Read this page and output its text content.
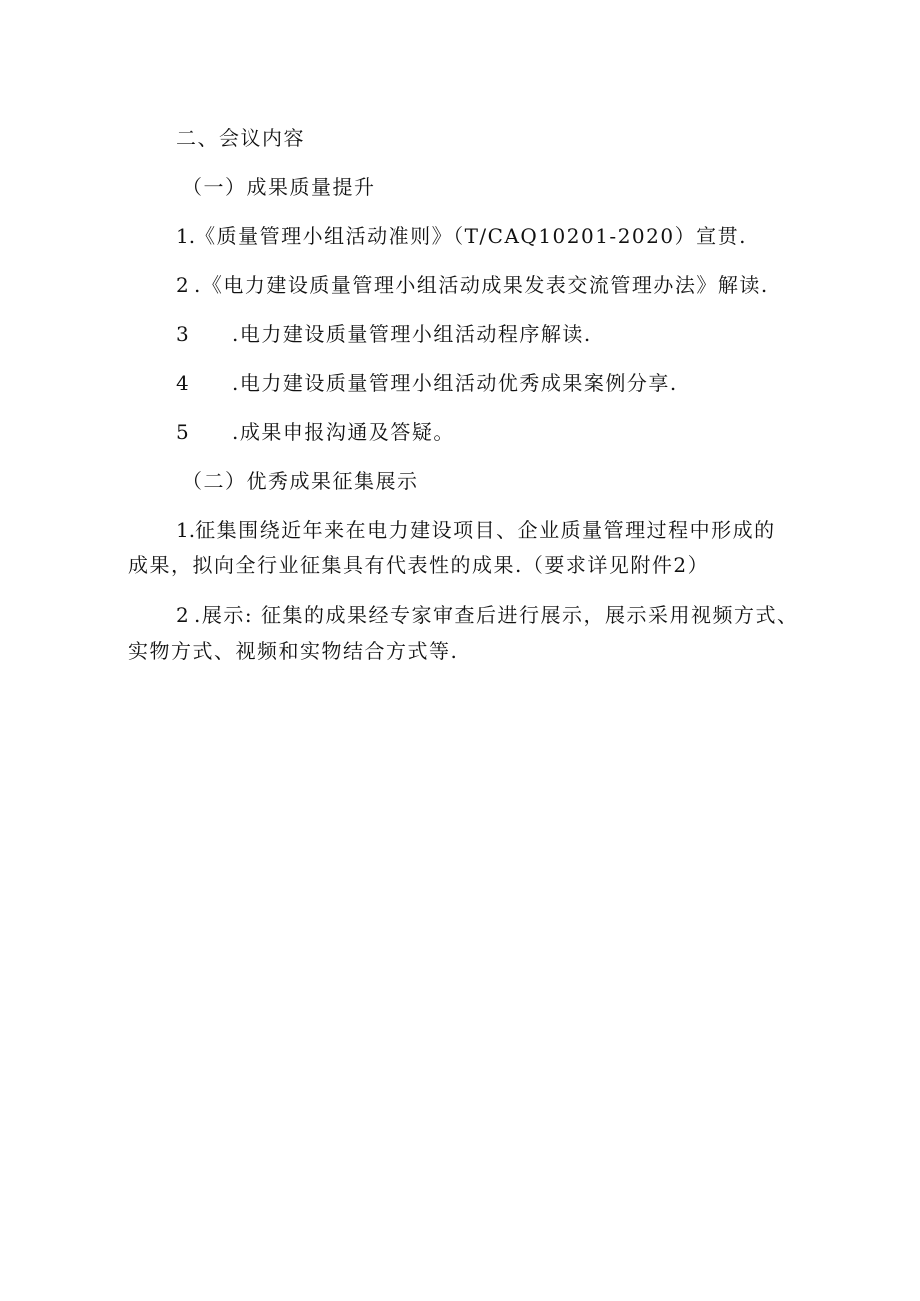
二、会议内容
（一）成果质量提升
1.《质量管理小组活动准则》（T/CAQ10201-2020）宣贯.
2 .《电力建设质量管理小组活动成果发表交流管理办法》解读.
3 .电力建设质量管理小组活动程序解读.
4 .电力建设质量管理小组活动优秀成果案例分享.
5 .成果申报沟通及答疑。
（二）优秀成果征集展示
1.征集围绕近年来在电力建设项目、企业质量管理过程中形成的
成果，拟向全行业征集具有代表性的成果.（要求详见附件2）
2 .展示: 征集的成果经专家审查后进行展示，展示采用视频方式、
实物方式、视频和实物结合方式等.
